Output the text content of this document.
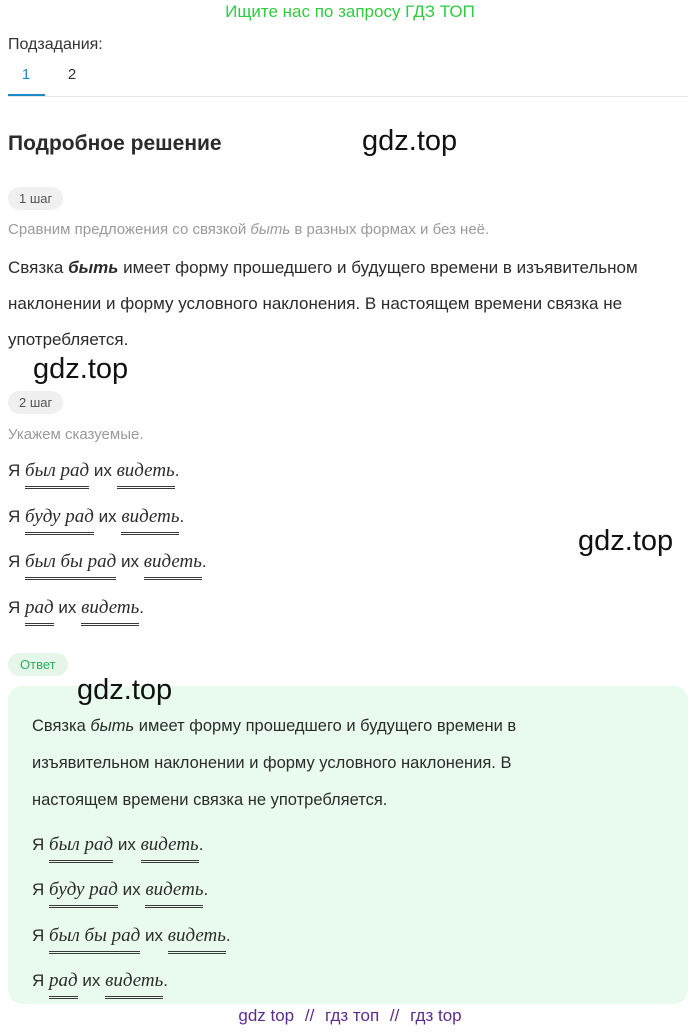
Ищите нас по запросу ГДЗ ТОП
Подзадания:
1	2
Подробное решение	gdz.top
gdz.top
gdz.top
1 шаг
Сравним предложения со связкой быть в разных формах и без неё.
Связка быть имеет форму прошедшего и будущего времени в изъявительном
наклонении и форму условного наклонения. В настоящем времени связка не
употребляется.
2 шаг
Укажем сказуемые.
Я был рад их видеть.
Я буду рад их видеть.
Я был бы рад их видеть.
Я рад их видеть.
Ответ
gdz.top
Связка быть имеет форму прошедшего и будущего времени в
изъявительном наклонении и форму условного наклонения. В
настоящем времени связка не употребляется.
Я был рад их видеть.
Я буду рад их видеть.
Я был бы рад их видеть.
Я рад их видеть.
gdz top // гдз топ // гдз top
